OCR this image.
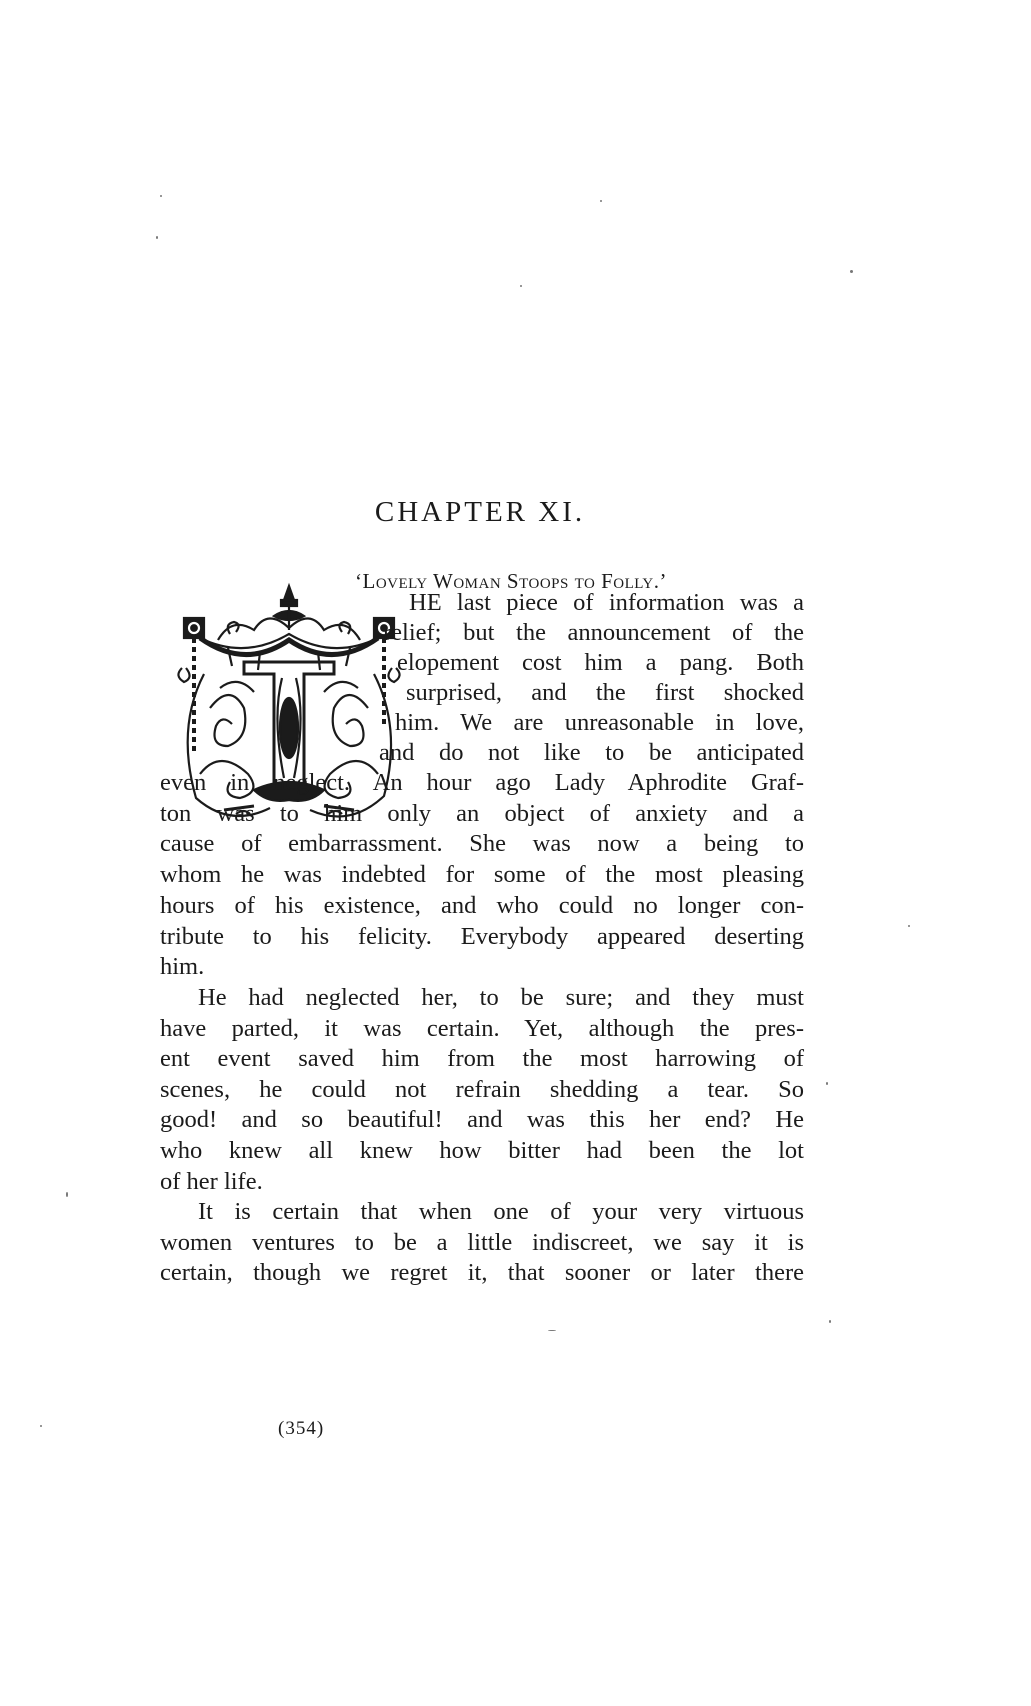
CHAPTER XI.
‘Lovely Woman Stoops to Folly.’
HE last piece of information was a
relief; but the announcement of the
elopement cost him a pang. Both
surprised, and the first shocked
him. We are unreasonable in love,
and do not like to be anticipated
even in neglect. An hour ago Lady Aphrodite Graf-
ton was to him only an object of anxiety and a
cause of embarrassment. She was now a being to
whom he was indebted for some of the most pleasing
hours of his existence, and who could no longer con-
tribute to his felicity. Everybody appeared deserting
him.
He had neglected her, to be sure; and they must
have parted, it was certain. Yet, although the pres-
ent event saved him from the most harrowing of
scenes, he could not refrain shedding a tear. So
good! and so beautiful! and was this her end? He
who knew all knew how bitter had been the lot
of her life.
It is certain that when one of your very virtuous
women ventures to be a little indiscreet, we say it is
certain, though we regret it, that sooner or later there
(354)
